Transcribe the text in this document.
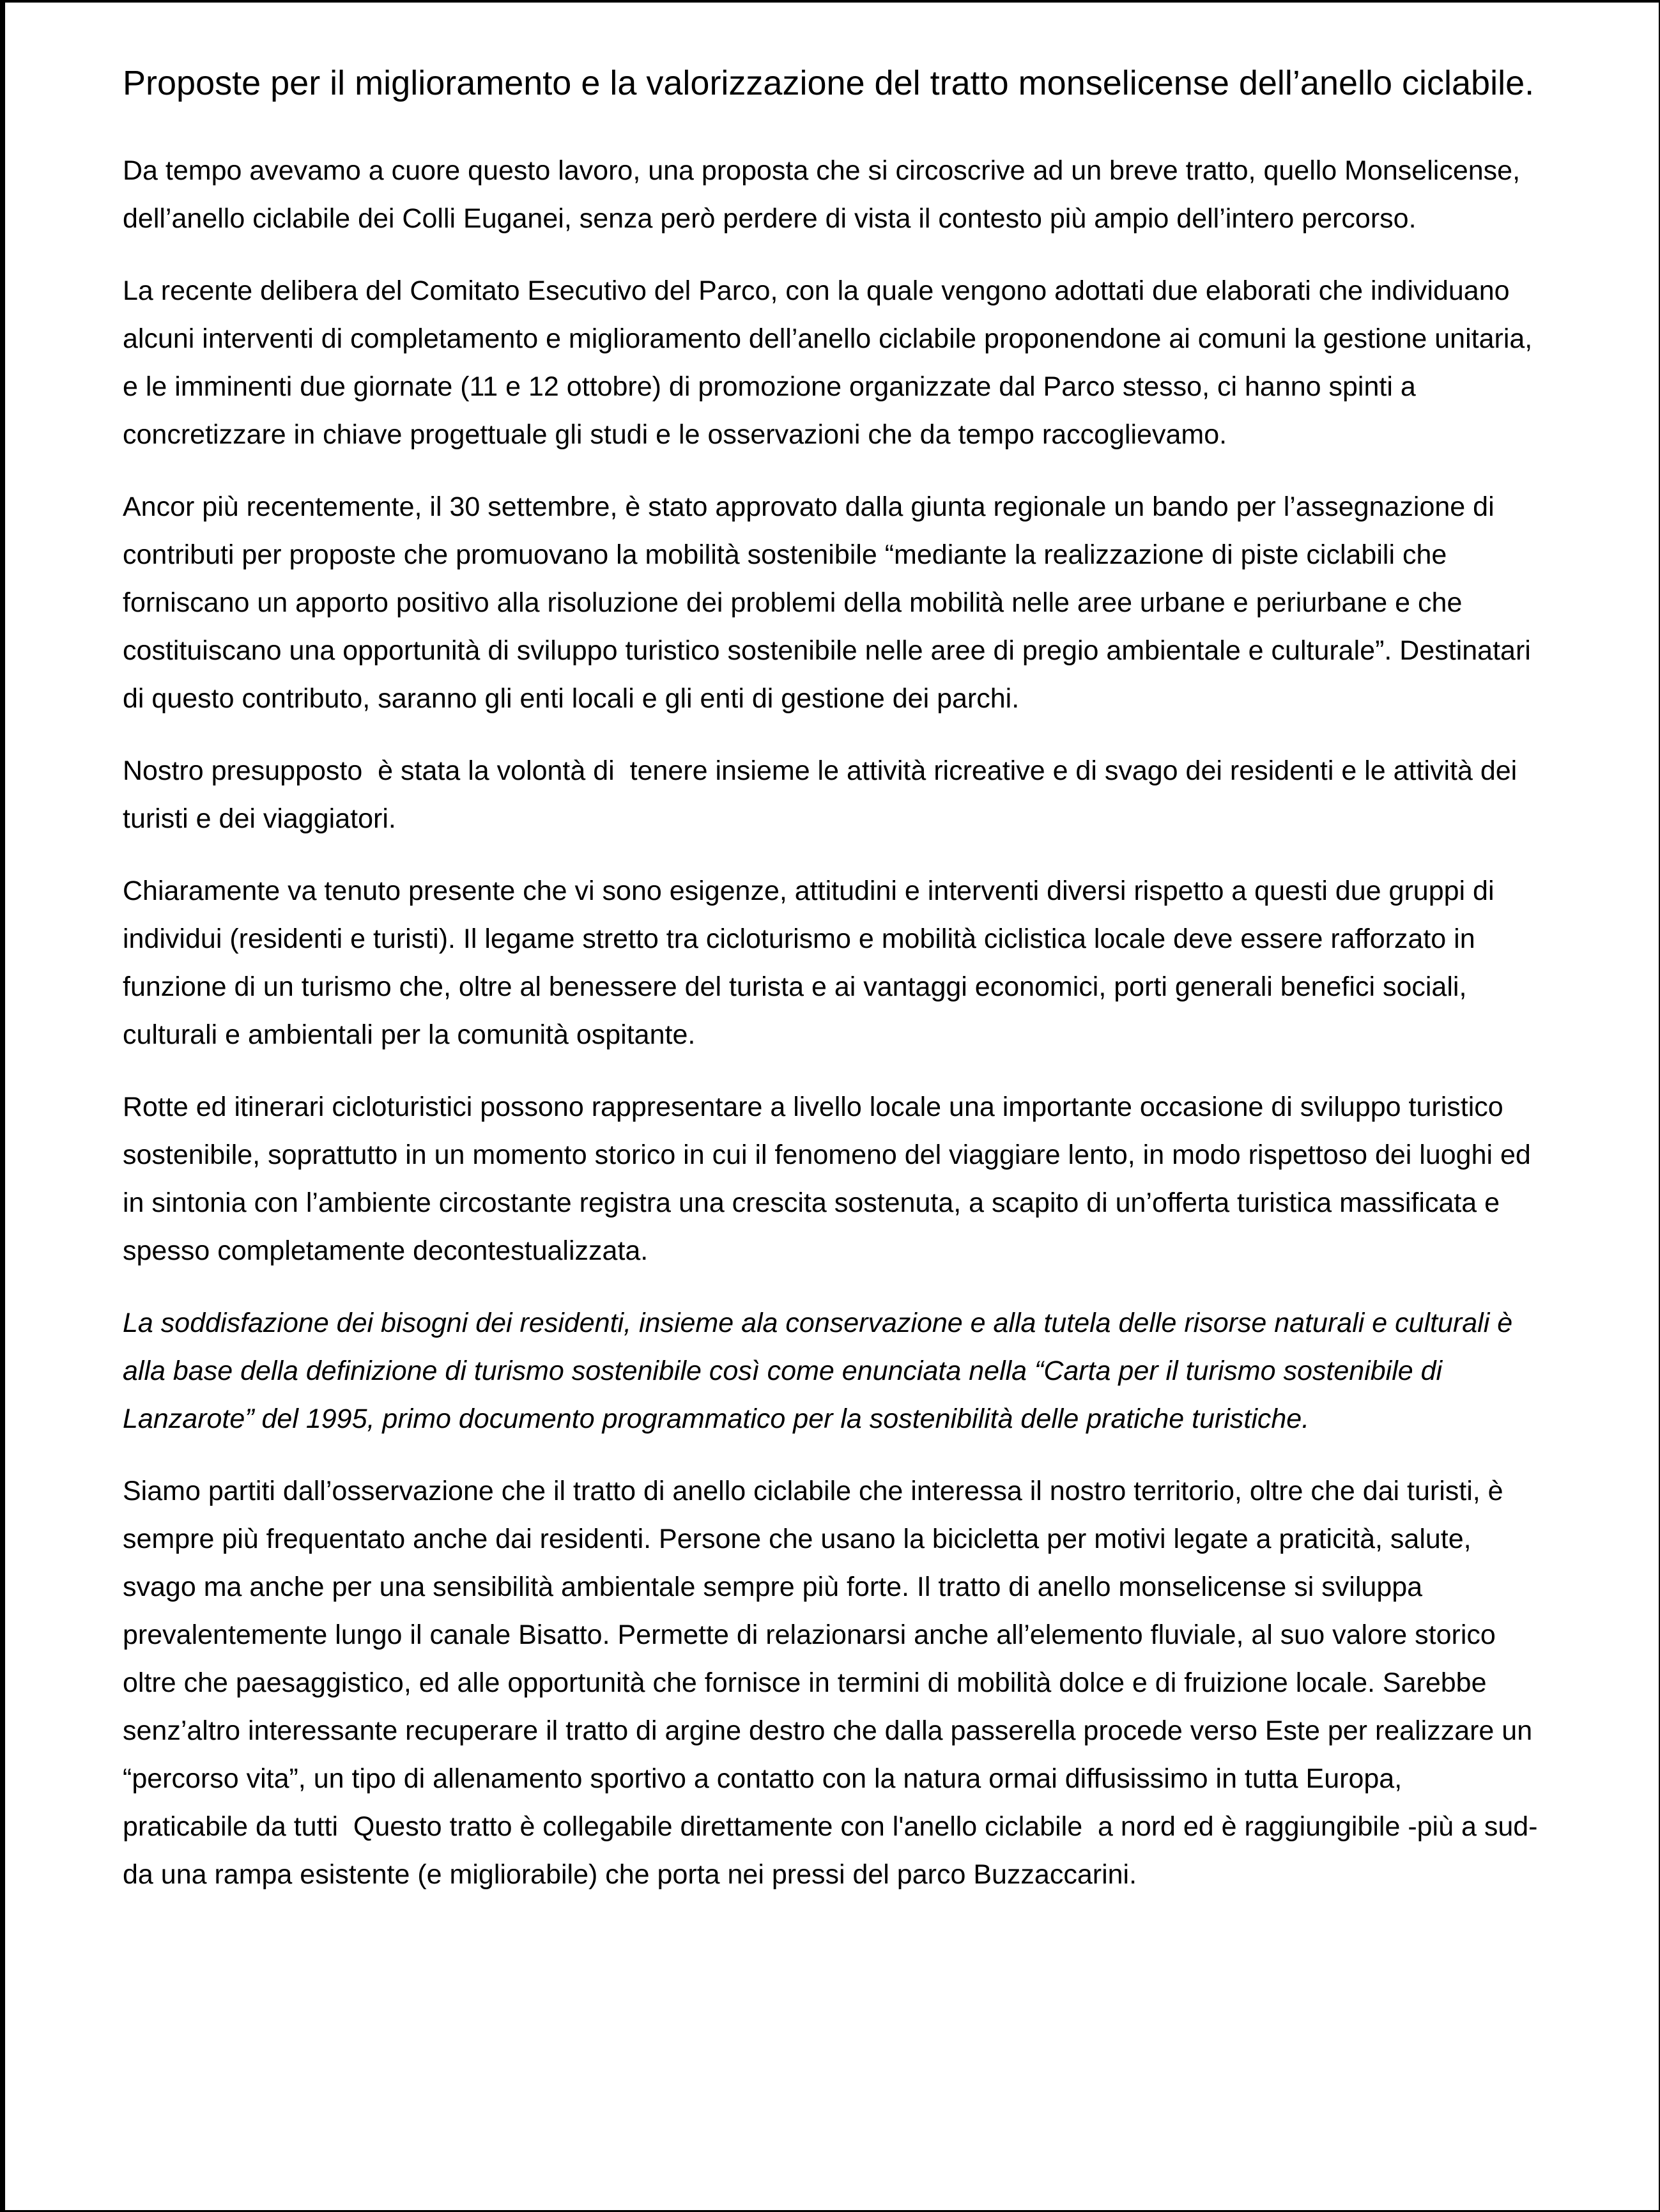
Proposte per il miglioramento e la valorizzazione del tratto monselicense dell’anello ciclabile.

Da tempo avevamo a cuore questo lavoro, una proposta che si circoscrive ad un breve tratto, quello Monselicense,  dell’anello ciclabile dei Colli Euganei, senza però perdere di vista il contesto più ampio dell’intero percorso.

La recente delibera del Comitato Esecutivo del Parco, con la quale vengono adottati due elaborati che individuano alcuni interventi di completamento e miglioramento dell’anello ciclabile proponendone ai comuni la gestione unitaria, e le imminenti due giornate (11 e 12 ottobre) di promozione organizzate dal Parco stesso, ci hanno spinti a concretizzare in chiave progettuale gli studi e le osservazioni che da tempo raccoglievamo.

Ancor più recentemente, il 30 settembre, è stato approvato dalla giunta regionale un bando per l’assegnazione di contributi per proposte che promuovano la mobilità sostenibile “mediante la realizzazione di piste ciclabili che forniscano un apporto positivo alla risoluzione dei problemi della mobilità nelle aree urbane e periurbane e che costituiscano una opportunità di sviluppo turistico sostenibile nelle aree di pregio ambientale e culturale”. Destinatari di questo contributo, saranno gli enti locali e gli enti di gestione dei parchi.

Nostro presupposto  è stata la volontà di  tenere insieme le attività ricreative e di svago dei residenti e le attività dei turisti e dei viaggiatori.

Chiaramente va tenuto presente che vi sono esigenze, attitudini e interventi diversi rispetto a questi due gruppi di individui (residenti e turisti). Il legame stretto tra cicloturismo e mobilità ciclistica locale deve essere rafforzato in funzione di un turismo che, oltre al benessere del turista e ai vantaggi economici, porti generali benefici sociali, culturali e ambientali per la comunità ospitante.

Rotte ed itinerari cicloturistici possono rappresentare a livello locale una importante occasione di sviluppo turistico sostenibile, soprattutto in un momento storico in cui il fenomeno del viaggiare lento, in modo rispettoso dei luoghi ed in sintonia con l’ambiente circostante registra una crescita sostenuta, a scapito di un’offerta turistica massificata e spesso completamente decontestualizzata.

La soddisfazione dei bisogni dei residenti, insieme ala conservazione e alla tutela delle risorse naturali e culturali è alla base della definizione di turismo sostenibile così come enunciata nella “Carta per il turismo sostenibile di Lanzarote” del 1995, primo documento programmatico per la sostenibilità delle pratiche turistiche.

Siamo partiti dall’osservazione che il tratto di anello ciclabile che interessa il nostro territorio, oltre che dai turisti, è sempre più frequentato anche dai residenti. Persone che usano la bicicletta per motivi legate a praticità, salute, svago ma anche per una sensibilità ambientale sempre più forte. Il tratto di anello monselicense si sviluppa prevalentemente lungo il canale Bisatto. Permette di relazionarsi anche all’elemento fluviale, al suo valore storico oltre che paesaggistico, ed alle opportunità che fornisce in termini di mobilità dolce e di fruizione locale. Sarebbe senz’altro interessante recuperare il tratto di argine destro che dalla passerella procede verso Este per realizzare un “percorso vita”, un tipo di allenamento sportivo a contatto con la natura ormai diffusissimo in tutta Europa,  praticabile da tutti  Questo tratto è collegabile direttamente con l'anello ciclabile  a nord ed è raggiungibile -più a sud- da una rampa esistente (e migliorabile) che porta nei pressi del parco Buzzaccarini.
